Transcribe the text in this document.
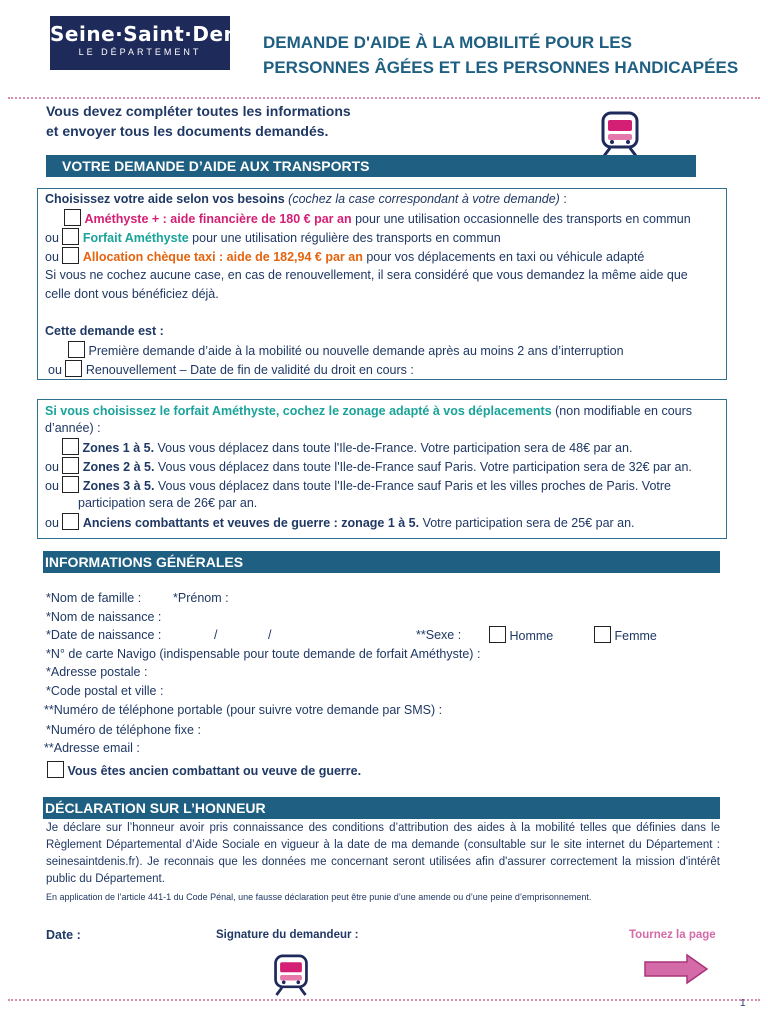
Seine·Saint·Denis
LE DÉPARTEMENT	DEMANDE D'AIDE À LA MOBILITÉ POUR LES
PERSONNES ÂGÉES ET LES PERSONNES HANDICAPÉES
Vous devez compléter toutes les informations
et envoyer tous les documents demandés.
VOTRE DEMANDE D’AIDE AUX TRANSPORTS
Choisissez votre aide selon vos besoins (cochez la case correspondant à votre demande) :
Améthyste + : aide financière de 180 € par an pour une utilisation occasionnelle des transports en commun
ou Forfait Améthyste pour une utilisation régulière des transports en commun
ou Allocation chèque taxi : aide de 182,94 € par an pour vos déplacements en taxi ou véhicule adapté
Si vous ne cochez aucune case, en cas de renouvellement, il sera considéré que vous demandez la même aide que
celle dont vous bénéficiez déjà.
Cette demande est :
Première demande d’aide à la mobilité ou nouvelle demande après au moins 2 ans d’interruption
ou  Renouvellement – Date de fin de validité du droit en cours :
Si vous choisissez le forfait Améthyste, cochez le zonage adapté à vos déplacements (non modifiable en cours
d’année) :
Zones 1 à 5. Vous vous déplacez dans toute l'Ile-de-France. Votre participation sera de 48€ par an.
ou Zones 2 à 5. Vous vous déplacez dans toute l'Ile-de-France sauf Paris. Votre participation sera de 32€ par an.
ou Zones 3 à 5. Vous vous déplacez dans toute l'Ile-de-France sauf Paris et les villes proches de Paris. Votre
participation sera de 26€ par an.
ou Anciens combattants et veuves de guerre : zonage 1 à 5. Votre participation sera de 25€ par an.
INFORMATIONS GÉNÉRALES
*Nom de famille :	*Prénom :
*Nom de naissance :
*Date de naissance :	/	/	**Sexe :	Homme	Femme
*N° de carte Navigo (indispensable pour toute demande de forfait Améthyste) :
*Adresse postale :
*Code postal et ville :
**Numéro de téléphone portable (pour suivre votre demande par SMS) :
*Numéro de téléphone fixe :
**Adresse email :
Vous êtes ancien combattant ou veuve de guerre.
DÉCLARATION SUR L’HONNEUR
Je déclare sur l’honneur avoir pris connaissance des conditions d’attribution des aides à la mobilité telles que définies dans le Règlement Départemental d’Aide Sociale en vigueur à la date de ma demande (consultable sur le site internet du Département : seinesaintdenis.fr). Je reconnais que les données me concernant seront utilisées afin d'assurer correctement la mission d'intérêt public du Département.
En application de l’article 441-1 du Code Pénal, une fausse déclaration peut être punie d’une amende ou d’une peine d’emprisonnement.
Date :	Signature du demandeur :	Tournez la page
1
